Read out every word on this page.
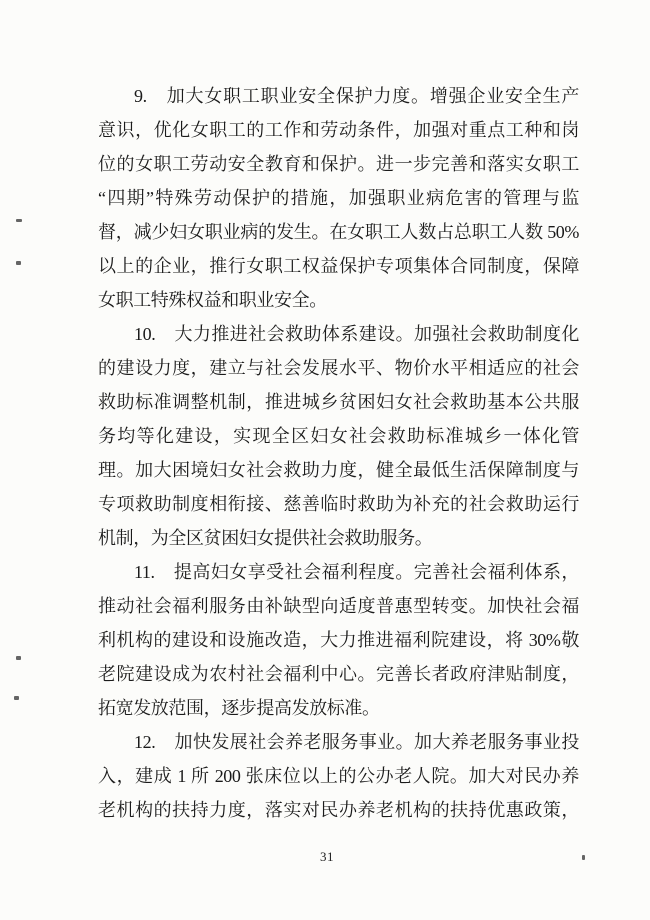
9.　加大女职工职业安全保护力度。增强企业安全生产
意识，优化女职工的工作和劳动条件，加强对重点工种和岗
位的女职工劳动安全教育和保护。进一步完善和落实女职工
“四期”特殊劳动保护的措施，加强职业病危害的管理与监
督，减少妇女职业病的发生。在女职工人数占总职工人数 50%
以上的企业，推行女职工权益保护专项集体合同制度，保障
女职工特殊权益和职业安全。
10.　大力推进社会救助体系建设。加强社会救助制度化
的建设力度，建立与社会发展水平、物价水平相适应的社会
救助标准调整机制，推进城乡贫困妇女社会救助基本公共服
务均等化建设，实现全区妇女社会救助标准城乡一体化管
理。加大困境妇女社会救助力度，健全最低生活保障制度与
专项救助制度相衔接、慈善临时救助为补充的社会救助运行
机制，为全区贫困妇女提供社会救助服务。
11.　提高妇女享受社会福利程度。完善社会福利体系，
推动社会福利服务由补缺型向适度普惠型转变。加快社会福
利机构的建设和设施改造，大力推进福利院建设，将 30%敬
老院建设成为农村社会福利中心。完善长者政府津贴制度，
拓宽发放范围，逐步提高发放标准。
12.　加快发展社会养老服务事业。加大养老服务事业投
入，建成 1 所 200 张床位以上的公办老人院。加大对民办养
老机构的扶持力度，落实对民办养老机构的扶持优惠政策，
31
